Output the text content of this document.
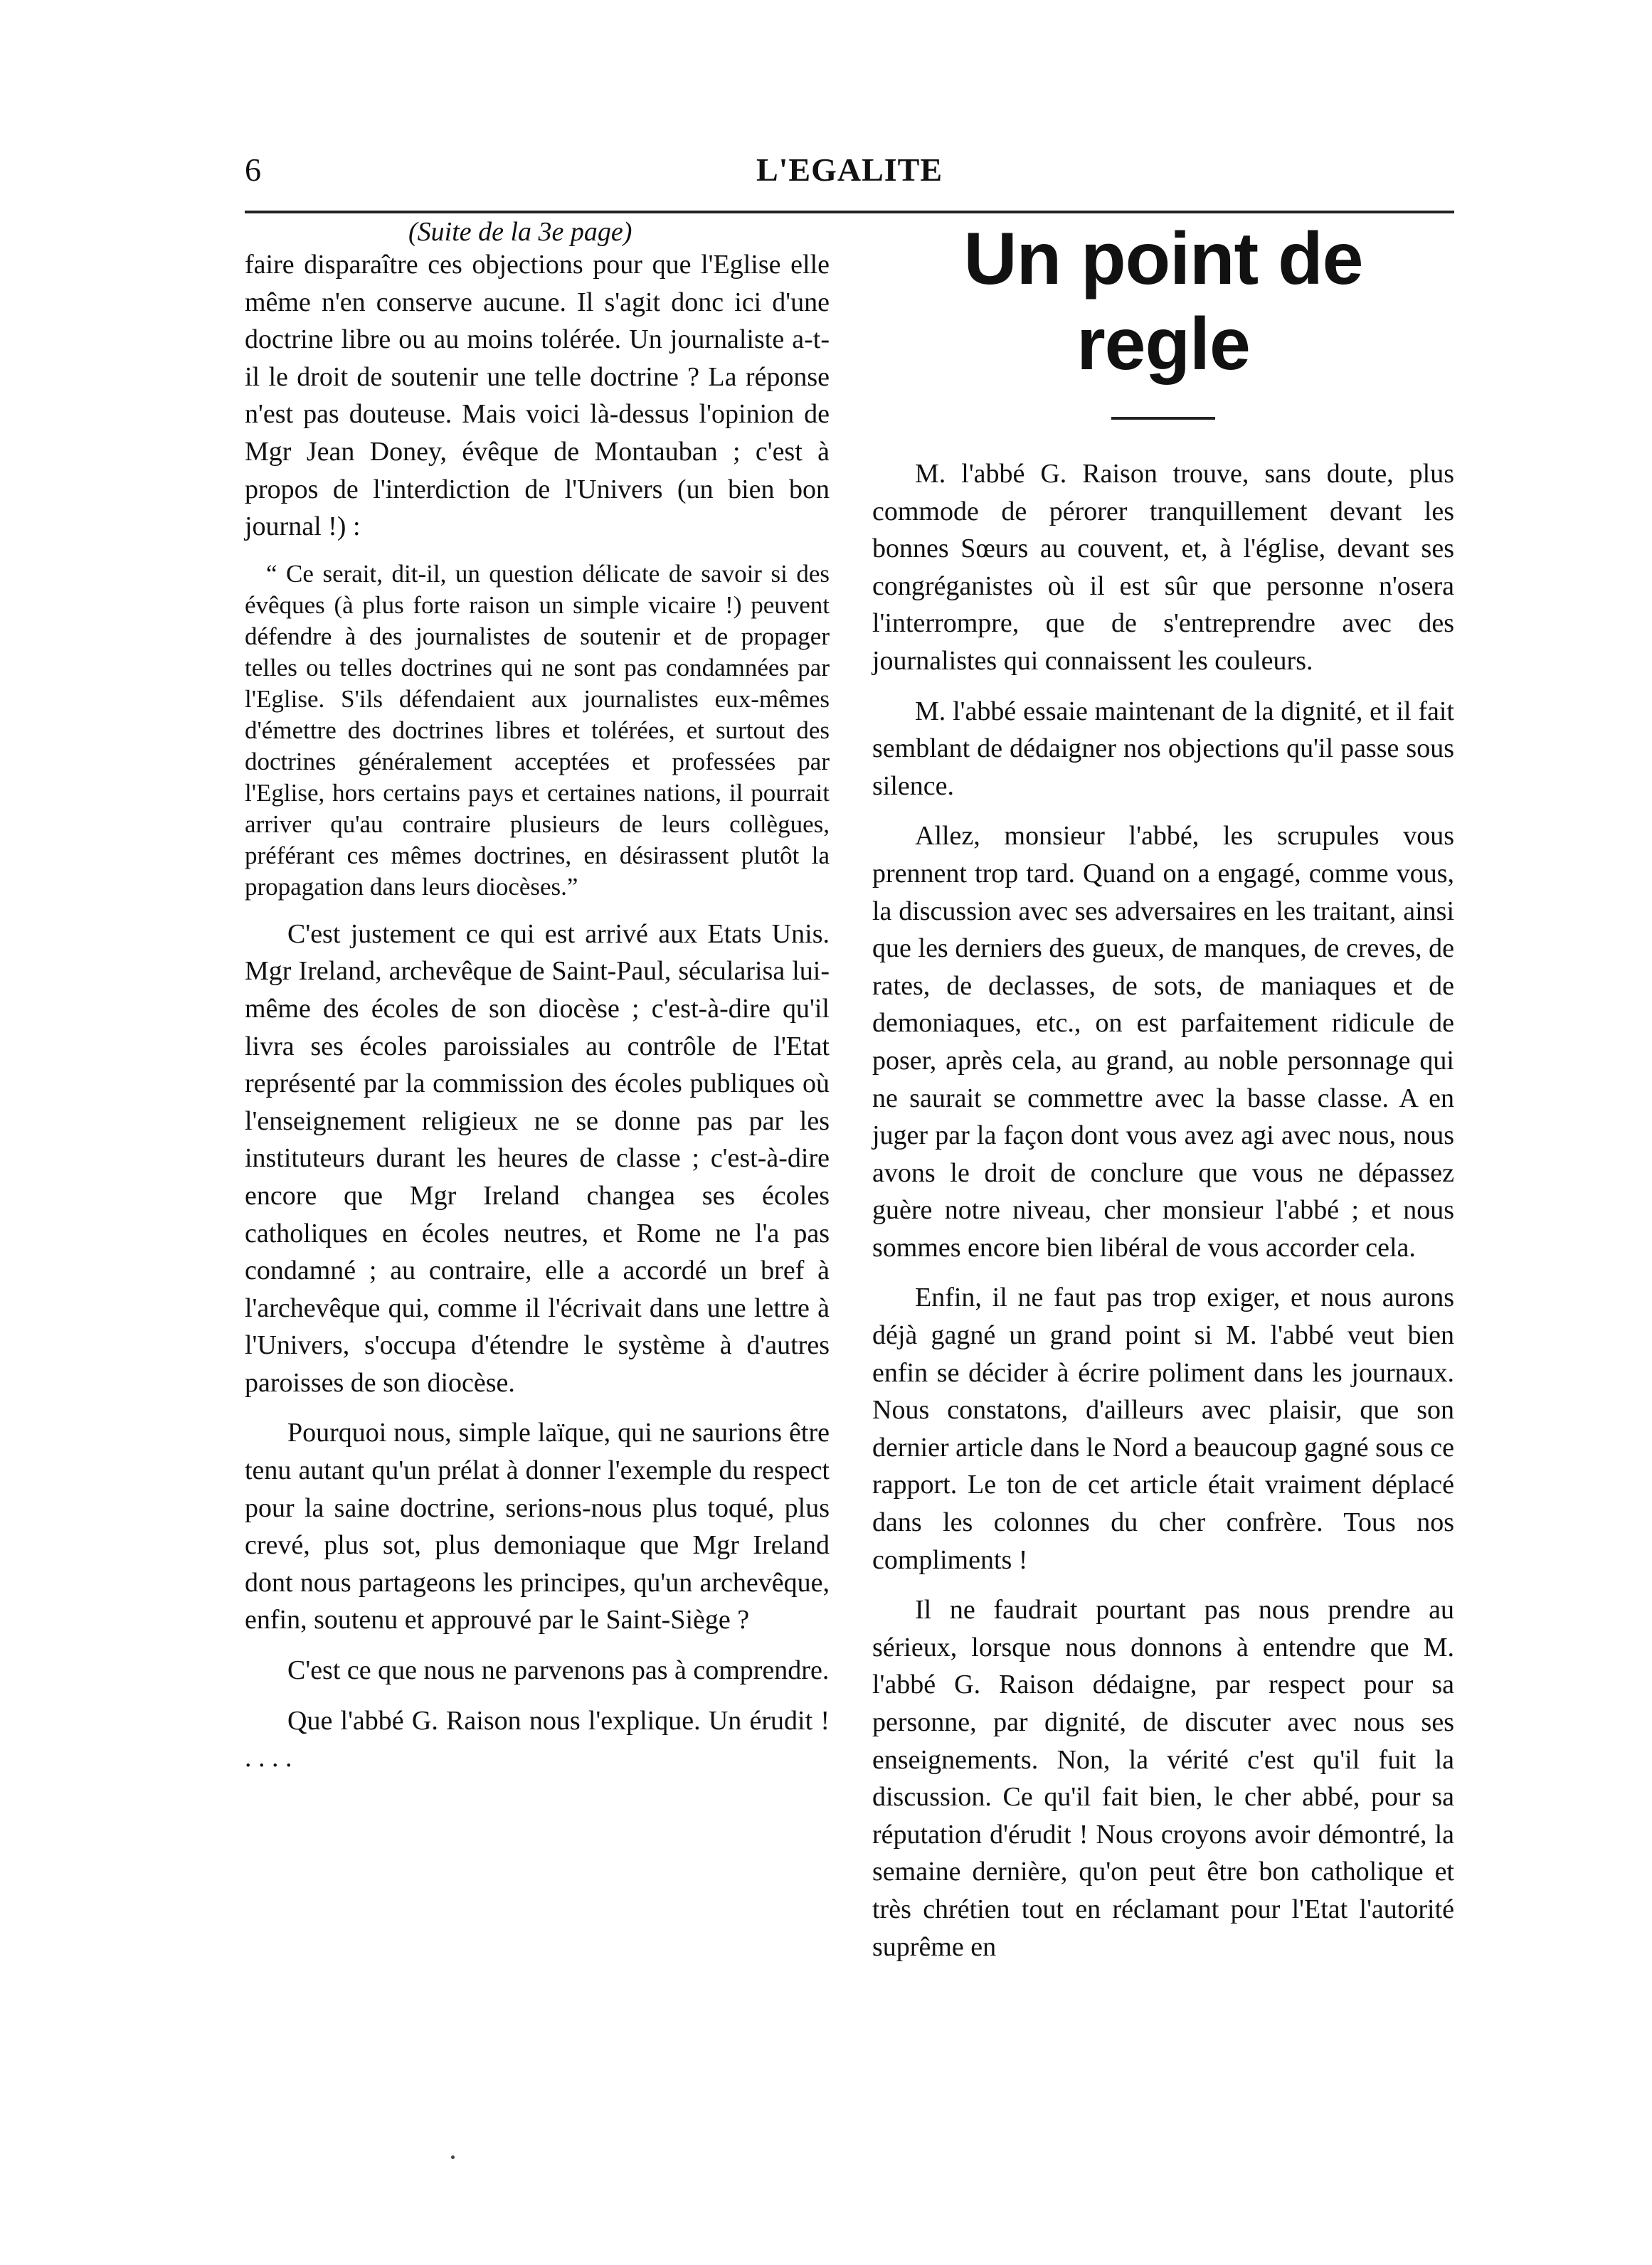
6	L'EGALITE

(Suite de la 3e page)

faire disparaître ces objections pour que l'Eglise elle même n'en conserve aucune. Il s'agit donc ici d'une doctrine libre ou au moins tolérée. Un journaliste a-t-il le droit de soutenir une telle doctrine ? La réponse n'est pas douteuse. Mais voici là-dessus l'opinion de Mgr Jean Doney, évêque de Montauban ; c'est à propos de l'interdiction de l'Univers (un bien bon journal !) :

“ Ce serait, dit-il, un question délicate de savoir si des évêques (à plus forte raison un simple vicaire !) peuvent défendre à des journalistes de soutenir et de propager telles ou telles doctrines qui ne sont pas condamnées par l'Eglise. S'ils défendaient aux journalistes eux-mêmes d'émettre des doctrines libres et tolérées, et surtout des doctrines généralement acceptées et professées par l'Eglise, hors certains pays et certaines nations, il pourrait arriver qu'au contraire plusieurs de leurs collègues, préférant ces mêmes doctrines, en désirassent plutôt la propagation dans leurs diocèses.”

C'est justement ce qui est arrivé aux Etats Unis. Mgr Ireland, archevêque de Saint-Paul, sécularisa lui-même des écoles de son diocèse ; c'est-à-dire qu'il livra ses écoles paroissiales au contrôle de l'Etat représenté par la commission des écoles publiques où l'enseignement religieux ne se donne pas par les instituteurs durant les heures de classe ; c'est-à-dire encore que Mgr Ireland changea ses écoles catholiques en écoles neutres, et Rome ne l'a pas condamné ; au contraire, elle a accordé un bref à l'archevêque qui, comme il l'écrivait dans une lettre à l'Univers, s'occupa d'étendre le système à d'autres paroisses de son diocèse.

Pourquoi nous, simple laïque, qui ne saurions être tenu autant qu'un prélat à donner l'exemple du respect pour la saine doctrine, serions-nous plus toqué, plus crevé, plus sot, plus demoniaque que Mgr Ireland dont nous partageons les principes, qu'un archevêque, enfin, soutenu et approuvé par le Saint-Siège ?

C'est ce que nous ne parvenons pas à comprendre.

Que l'abbé G. Raison nous l'explique. Un érudit ! . . . .

Un point de regle

M. l'abbé G. Raison trouve, sans doute, plus commode de pérorer tranquillement devant les bonnes Sœurs au couvent, et, à l'église, devant ses congréganistes où il est sûr que personne n'osera l'interrompre, que de s'entreprendre avec des journalistes qui connaissent les couleurs.

M. l'abbé essaie maintenant de la dignité, et il fait semblant de dédaigner nos objections qu'il passe sous silence.

Allez, monsieur l'abbé, les scrupules vous prennent trop tard. Quand on a engagé, comme vous, la discussion avec ses adversaires en les traitant, ainsi que les derniers des gueux, de manques, de creves, de rates, de declasses, de sots, de maniaques et de demoniaques, etc., on est parfaitement ridicule de poser, après cela, au grand, au noble personnage qui ne saurait se commettre avec la basse classe. A en juger par la façon dont vous avez agi avec nous, nous avons le droit de conclure que vous ne dépassez guère notre niveau, cher monsieur l'abbé ; et nous sommes encore bien libéral de vous accorder cela.

Enfin, il ne faut pas trop exiger, et nous aurons déjà gagné un grand point si M. l'abbé veut bien enfin se décider à écrire poliment dans les journaux. Nous constatons, d'ailleurs avec plaisir, que son dernier article dans le Nord a beaucoup gagné sous ce rapport. Le ton de cet article était vraiment déplacé dans les colonnes du cher confrère. Tous nos compliments !

Il ne faudrait pourtant pas nous prendre au sérieux, lorsque nous donnons à entendre que M. l'abbé G. Raison dédaigne, par respect pour sa personne, par dignité, de discuter avec nous ses enseignements. Non, la vérité c'est qu'il fuit la discussion. Ce qu'il fait bien, le cher abbé, pour sa réputation d'érudit ! Nous croyons avoir démontré, la semaine dernière, qu'on peut être bon catholique et très chrétien tout en réclamant pour l'Etat l'autorité suprême en
